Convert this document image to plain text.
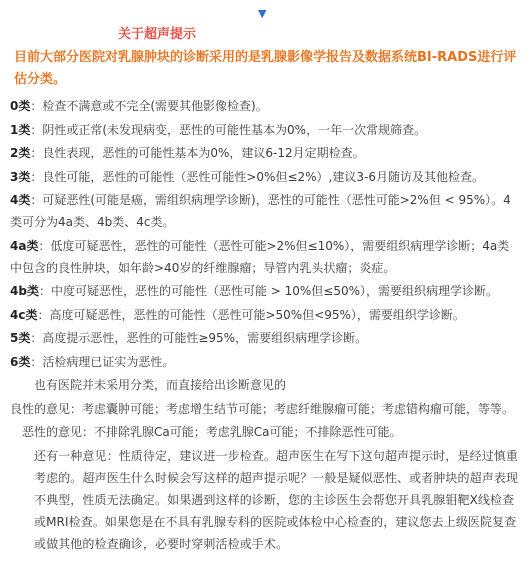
▼
关于超声提示
目前大部分医院对乳腺肿块的诊断采用的是乳腺影像学报告及数据系统BI-RADS进行评估分类。
0类：检查不满意或不完全(需要其他影像检查)。
1类：阴性或正常(未发现病变，恶性的可能性基本为0%，一年一次常规筛查。
2类：良性表现，恶性的可能性基本为0%，建议6-12月定期检查。
3类：良性可能，恶性的可能性（恶性可能性>0%但≤2%）,建议3-6月随访及其他检查。
4类：可疑恶性(可能是癌，需组织病理学诊断)，恶性的可能性（恶性可能>2%但 < 95%）。4类可分为4a类、4b类、4c类。
4a类：低度可疑恶性，恶性的可能性（恶性可能>2%但≤10%），需要组织病理学诊断；4a类中包含的良性肿块，如年龄>40岁的纤维腺瘤；导管内乳头状瘤；炎症。
4b类：中度可疑恶性，恶性的可能性（恶性可能 > 10%但≤50%），需要组织病理学诊断。
4c类：高度可疑恶性，恶性的可能性（恶性可能>50%但<95%），需要组织学诊断。
5类：高度提示恶性，恶性的可能性≥95%，需要组织病理学诊断。
6类：活检病理已证实为恶性。
也有医院并未采用分类，而直接给出诊断意见的
良性的意见：考虑囊肿可能；考虑增生结节可能；考虑纤维腺瘤可能；考虑错构瘤可能，等等。
恶性的意见：不排除乳腺Ca可能；考虑乳腺Ca可能；不排除恶性可能。
还有一种意见：性质待定，建议进一步检查。超声医生在写下这句超声提示时，是经过慎重考虑的。超声医生什么时候会写这样的超声提示呢？一般是疑似恶性、或者肿块的超声表现不典型，性质无法确定。如果遇到这样的诊断，您的主诊医生会帮您开具乳腺钼靶X线检查或MRI检查。如果您是在不具有乳腺专科的医院或体检中心检查的，建议您去上级医院复查或做其他的检查确诊，必要时穿刺活检或手术。
